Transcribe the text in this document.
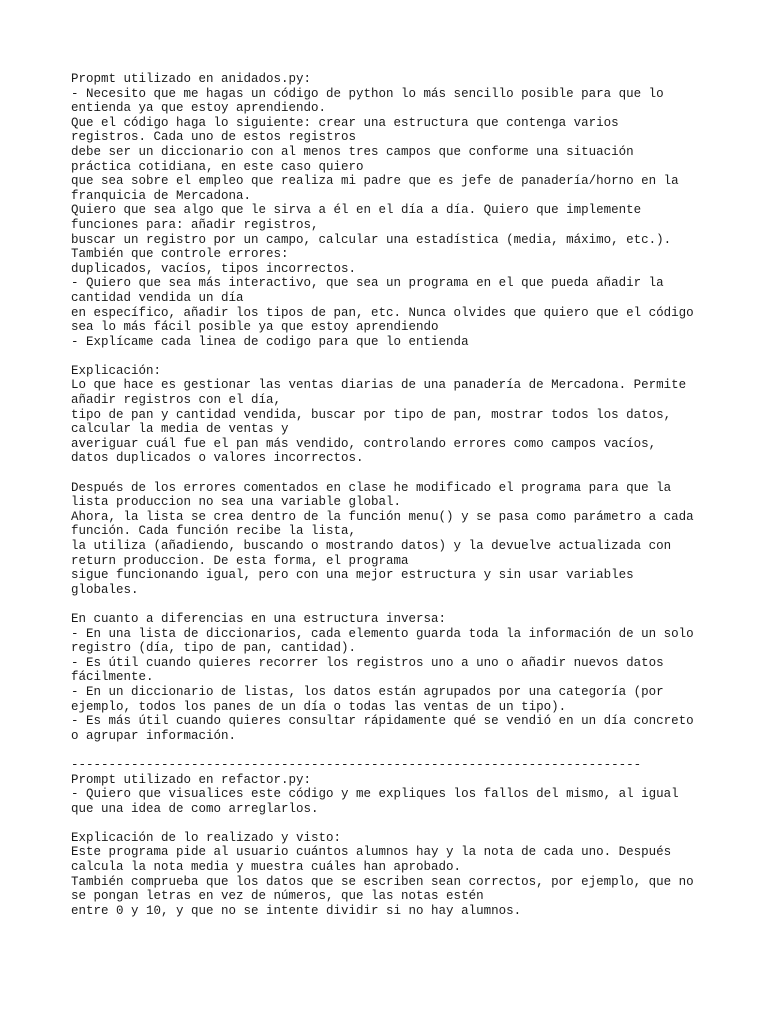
Propmt utilizado en anidados.py:
- Necesito que me hagas un código de python lo más sencillo posible para que lo
entienda ya que estoy aprendiendo.
Que el código haga lo siguiente: crear una estructura que contenga varios
registros. Cada uno de estos registros
debe ser un diccionario con al menos tres campos que conforme una situación
práctica cotidiana, en este caso quiero
que sea sobre el empleo que realiza mi padre que es jefe de panadería/horno en la
franquicia de Mercadona.
Quiero que sea algo que le sirva a él en el día a día. Quiero que implemente
funciones para: añadir registros,
buscar un registro por un campo, calcular una estadística (media, máximo, etc.).
También que controle errores:
duplicados, vacíos, tipos incorrectos.
- Quiero que sea más interactivo, que sea un programa en el que pueda añadir la
cantidad vendida un día
en específico, añadir los tipos de pan, etc. Nunca olvides que quiero que el código
sea lo más fácil posible ya que estoy aprendiendo
- Explícame cada linea de codigo para que lo entienda
Explicación:
Lo que hace es gestionar las ventas diarias de una panadería de Mercadona. Permite
añadir registros con el día,
tipo de pan y cantidad vendida, buscar por tipo de pan, mostrar todos los datos,
calcular la media de ventas y
averiguar cuál fue el pan más vendido, controlando errores como campos vacíos,
datos duplicados o valores incorrectos.
Después de los errores comentados en clase he modificado el programa para que la
lista produccion no sea una variable global.
Ahora, la lista se crea dentro de la función menu() y se pasa como parámetro a cada
función. Cada función recibe la lista,
la utiliza (añadiendo, buscando o mostrando datos) y la devuelve actualizada con
return produccion. De esta forma, el programa
sigue funcionando igual, pero con una mejor estructura y sin usar variables
globales.
En cuanto a diferencias en una estructura inversa:
- En una lista de diccionarios, cada elemento guarda toda la información de un solo
registro (día, tipo de pan, cantidad).
- Es útil cuando quieres recorrer los registros uno a uno o añadir nuevos datos
fácilmente.
- En un diccionario de listas, los datos están agrupados por una categoría (por
ejemplo, todos los panes de un día o todas las ventas de un tipo).
- Es más útil cuando quieres consultar rápidamente qué se vendió en un día concreto
o agrupar información.
----------------------------------------------------------------------------
Prompt utilizado en refactor.py:
- Quiero que visualices este código y me expliques los fallos del mismo, al igual
que una idea de como arreglarlos.
Explicación de lo realizado y visto:
Este programa pide al usuario cuántos alumnos hay y la nota de cada uno. Después
calcula la nota media y muestra cuáles han aprobado.
También comprueba que los datos que se escriben sean correctos, por ejemplo, que no
se pongan letras en vez de números, que las notas estén
entre 0 y 10, y que no se intente dividir si no hay alumnos.
